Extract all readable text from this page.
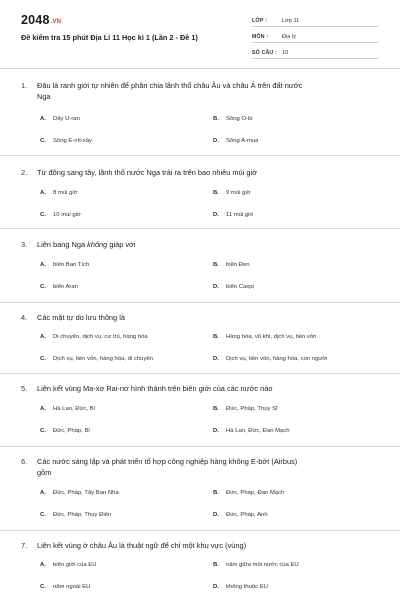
2048.VN
Đề kiểm tra 15 phút Địa Lí 11 Học kì 1 (Lần 2 - Đề 1)
LỚP :	Lớp 11
MÔN :	Địa lý
SỐ CÂU : 10
1.	Đâu là ranh giới tự nhiên để phân chia lãnh thổ châu Âu và châu Á trên đất nước
Nga
A.	Dãy U-ran	B.	Sông Ô-bi
C.	Sông Ê-nít-xây	D.	Sông A-mua
2.	Từ đông sang tây, lãnh thổ nước Nga trải ra trên bao nhiêu múi giờ
A.	8 múi giờ	B.	9 múi giờ
C.	10 múi giờ	D.	11 múi giờ
3.	Liên bang Nga không giáp với
A.	biển Ban Tích	B.	biển Đen
C.	biển Aran	D.	biển Caxpi
4.	Các mặt tự do lưu thông là
A.	Di chuyển, dịch vụ, cư trú, hàng hóa	B.	Hàng hóa, vũ khí, dịch vụ, tiền vốn
C.	Dịch vụ, tiền vốn, hàng hóa, di chuyển	D.	Dịch vụ, tiền vốn, hàng hóa, con người
5.	Liên kết vùng Ma-xơ Rai-nơ hình thành trên biên giới của các nước nào
A.	Hà Lan, Đức, Bỉ	B.	Đức, Pháp, Thụy Sĩ
C.	Đức, Pháp, Bỉ	D.	Hà Lan, Đức, Đan Mạch
6.	Các nước sáng lập và phát triển tổ hợp công nghiệp hàng không E-bớt (Airbus)
gồm
A.	Đức, Pháp, Tây Ban Nha	B.	Đức, Pháp, Đan Mạch
C.	Đức, Pháp, Thụy Điển	D.	Đức, Pháp, Anh
7.	Liên kết vùng ở châu Âu là thuật ngữ để chỉ một khu vực (vùng)
A.	biên giới của EU	B.	nằm giữa mỗi nước của EU
C.	nằm ngoài EU	D.	không thuộc EU
